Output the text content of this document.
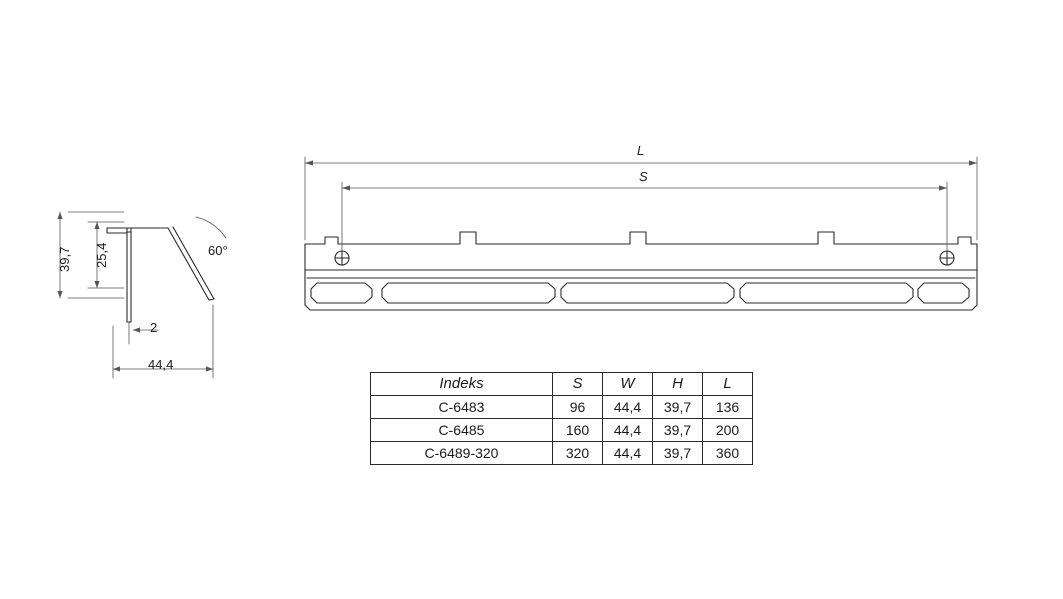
39,7 25,4
2
44,4
60°
L
S
Indeks	S	W	H	L
C-6483	96	44,4	39,7	136
C-6485	160	44,4	39,7	200
C-6489-320	320	44,4	39,7	360
